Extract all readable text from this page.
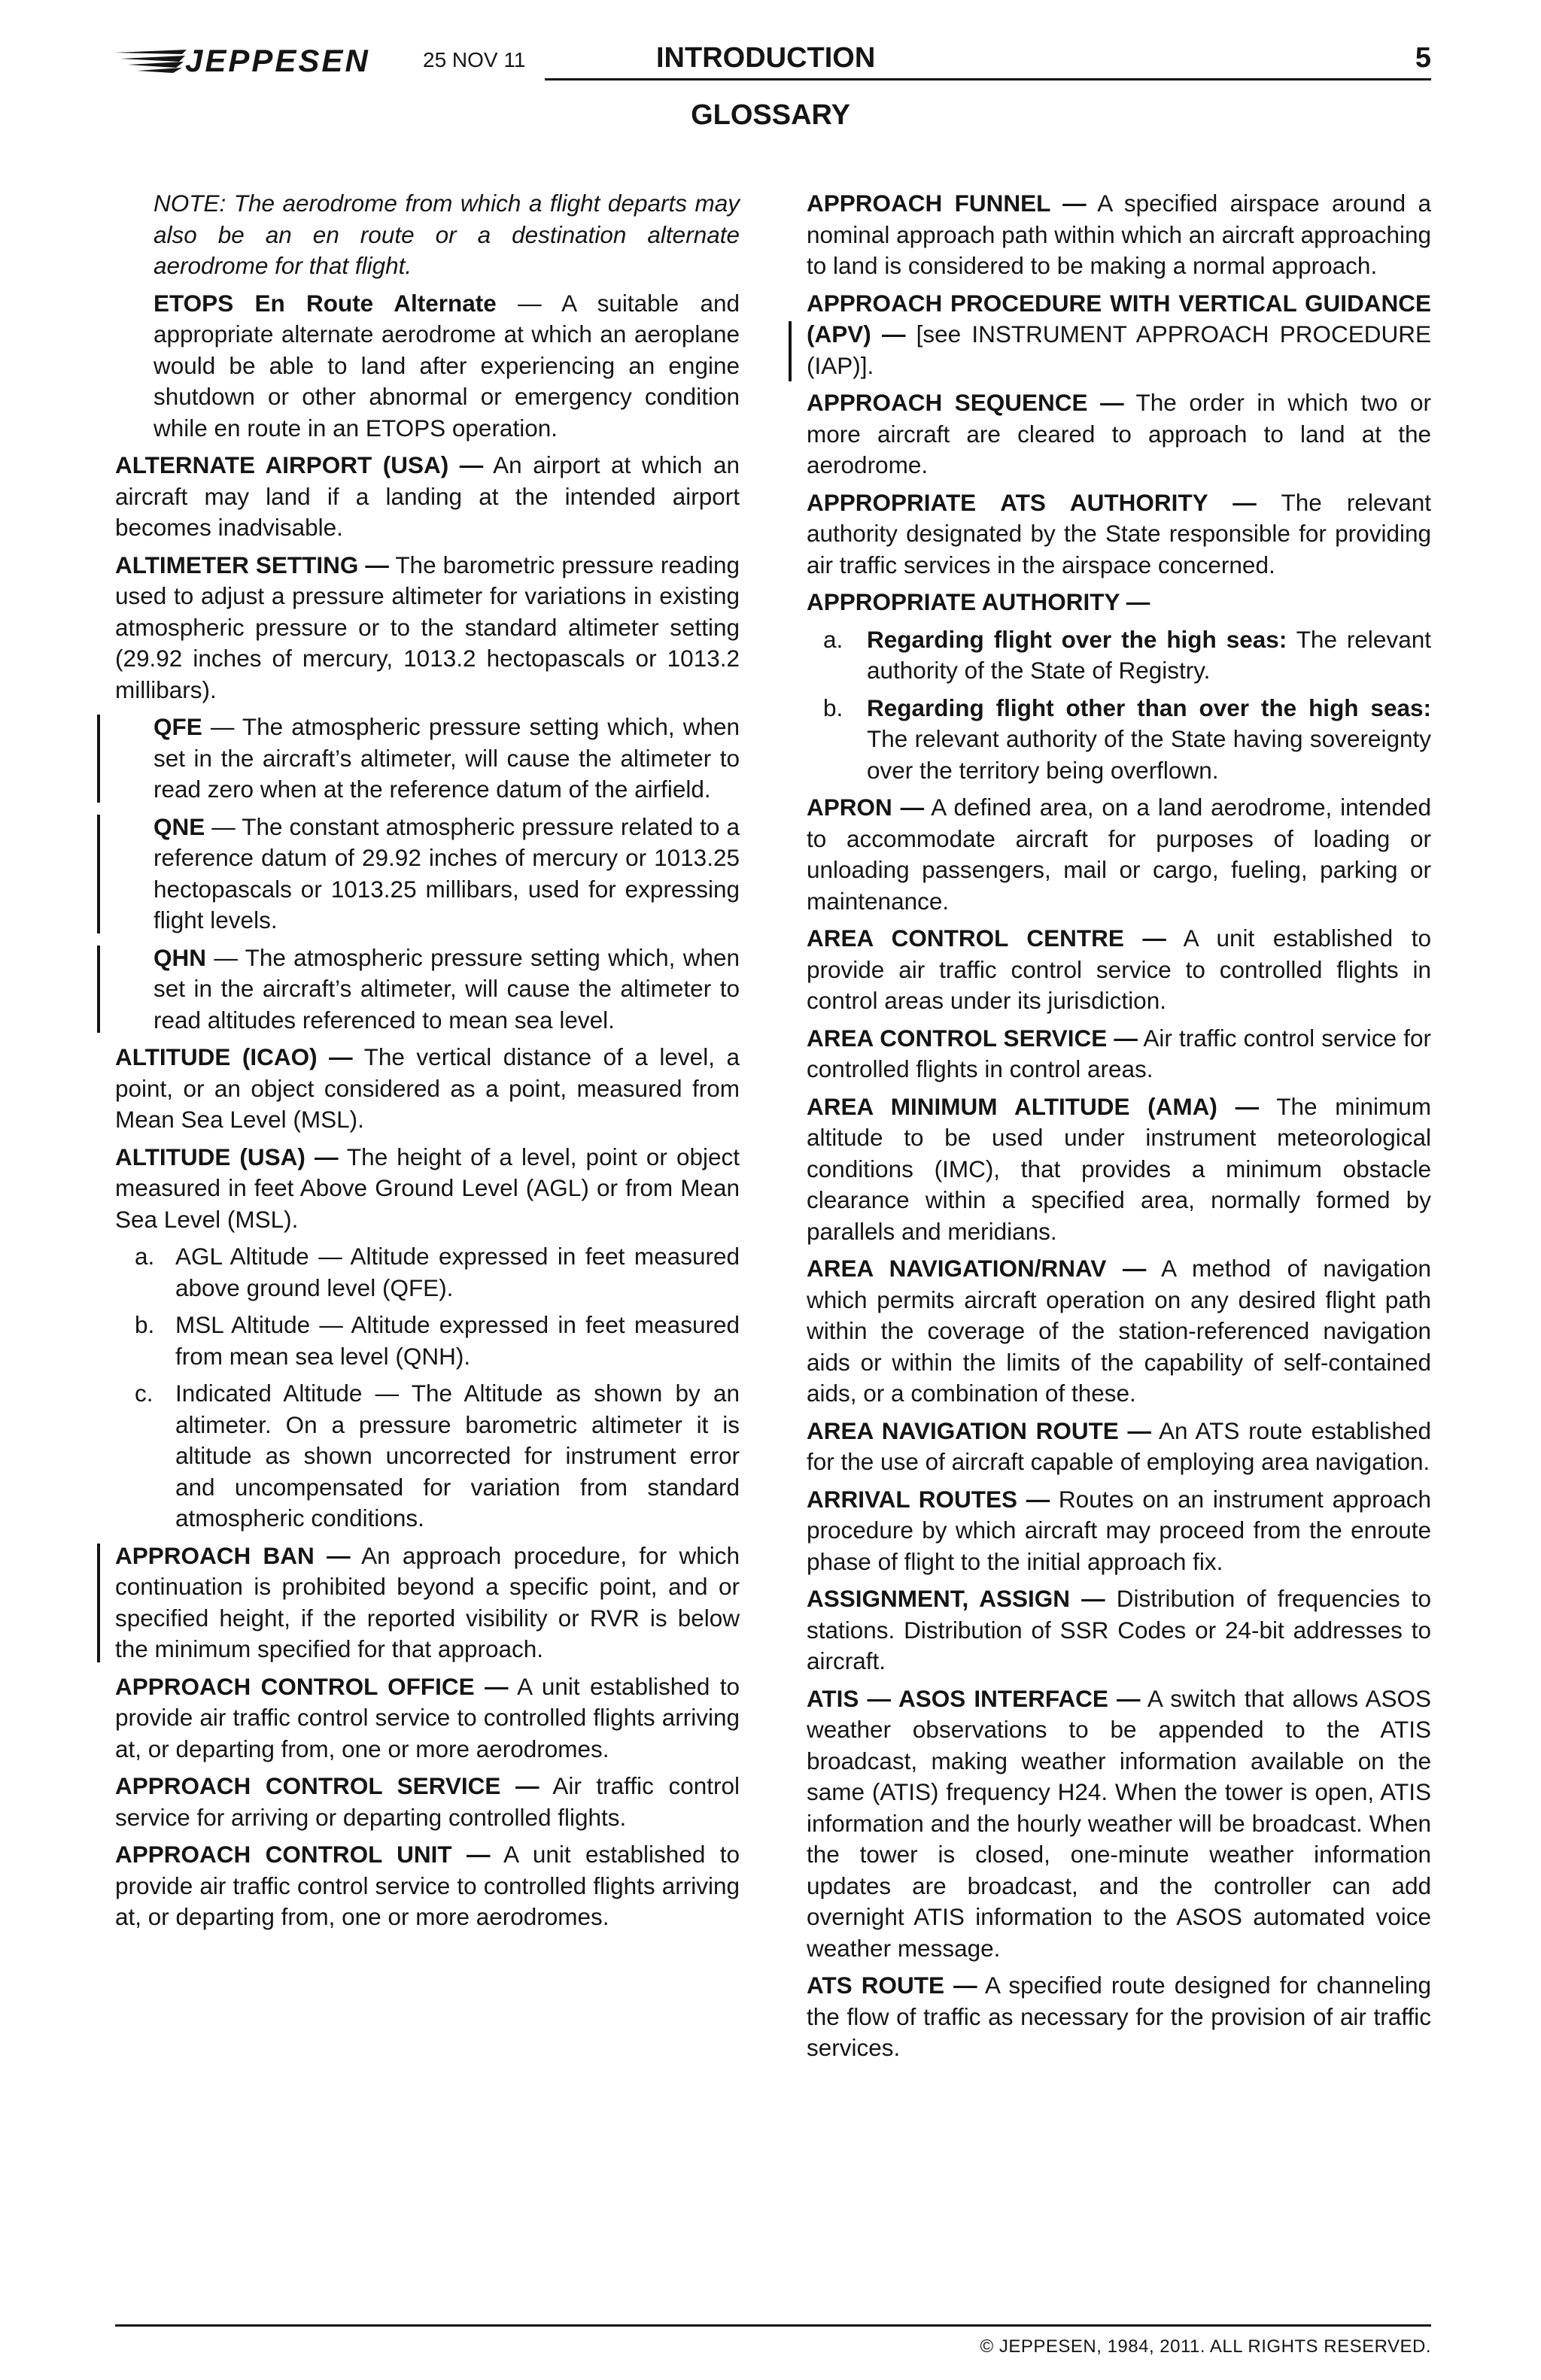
JEPPESEN	25 NOV 11	INTRODUCTION	5
GLOSSARY

NOTE: The aerodrome from which a flight departs may also be an en route or a destination alternate aerodrome for that flight.

ETOPS En Route Alternate — A suitable and appropriate alternate aerodrome at which an aeroplane would be able to land after experiencing an engine shutdown or other abnormal or emergency condition while en route in an ETOPS operation.

ALTERNATE AIRPORT (USA) — An airport at which an aircraft may land if a landing at the intended airport becomes inadvisable.

ALTIMETER SETTING — The barometric pressure reading used to adjust a pressure altimeter for variations in existing atmospheric pressure or to the standard altimeter setting (29.92 inches of mercury, 1013.2 hectopascals or 1013.2 millibars).

QFE — The atmospheric pressure setting which, when set in the aircraft’s altimeter, will cause the altimeter to read zero when at the reference datum of the airfield.

QNE — The constant atmospheric pressure related to a reference datum of 29.92 inches of mercury or 1013.25 hectopascals or 1013.25 millibars, used for expressing flight levels.

QHN — The atmospheric pressure setting which, when set in the aircraft’s altimeter, will cause the altimeter to read altitudes referenced to mean sea level.

ALTITUDE (ICAO) — The vertical distance of a level, a point, or an object considered as a point, measured from Mean Sea Level (MSL).

ALTITUDE (USA) — The height of a level, point or object measured in feet Above Ground Level (AGL) or from Mean Sea Level (MSL).

a. AGL Altitude — Altitude expressed in feet measured above ground level (QFE).

b. MSL Altitude — Altitude expressed in feet measured from mean sea level (QNH).

c. Indicated Altitude — The Altitude as shown by an altimeter. On a pressure barometric altimeter it is altitude as shown uncorrected for instrument error and uncompensated for variation from standard atmospheric conditions.

APPROACH BAN — An approach procedure, for which continuation is prohibited beyond a specific point, and or specified height, if the reported visibility or RVR is below the minimum specified for that approach.

APPROACH CONTROL OFFICE — A unit established to provide air traffic control service to controlled flights arriving at, or departing from, one or more aerodromes.

APPROACH CONTROL SERVICE — Air traffic control service for arriving or departing controlled flights.

APPROACH CONTROL UNIT — A unit established to provide air traffic control service to controlled flights arriving at, or departing from, one or more aerodromes.

APPROACH FUNNEL — A specified airspace around a nominal approach path within which an aircraft approaching to land is considered to be making a normal approach.

APPROACH PROCEDURE WITH VERTICAL GUIDANCE (APV) — [see INSTRUMENT APPROACH PROCEDURE (IAP)].

APPROACH SEQUENCE — The order in which two or more aircraft are cleared to approach to land at the aerodrome.

APPROPRIATE ATS AUTHORITY — The relevant authority designated by the State responsible for providing air traffic services in the airspace concerned.

APPROPRIATE AUTHORITY —

a.	Regarding flight over the high seas: The relevant authority of the State of Registry.

b.	Regarding flight other than over the high seas: The relevant authority of the State having sovereignty over the territory being overflown.

APRON — A defined area, on a land aerodrome, intended to accommodate aircraft for purposes of loading or unloading passengers, mail or cargo, fueling, parking or maintenance.

AREA CONTROL CENTRE — A unit established to provide air traffic control service to controlled flights in control areas under its jurisdiction.

AREA CONTROL SERVICE — Air traffic control service for controlled flights in control areas.

AREA MINIMUM ALTITUDE (AMA) — The minimum altitude to be used under instrument meteorological conditions (IMC), that provides a minimum obstacle clearance within a specified area, normally formed by parallels and meridians.

AREA NAVIGATION/RNAV — A method of navigation which permits aircraft operation on any desired flight path within the coverage of the station-referenced navigation aids or within the limits of the capability of self-contained aids, or a combination of these.

AREA NAVIGATION ROUTE — An ATS route established for the use of aircraft capable of employing area navigation.

ARRIVAL ROUTES — Routes on an instrument approach procedure by which aircraft may proceed from the enroute phase of flight to the initial approach fix.

ASSIGNMENT, ASSIGN — Distribution of frequencies to stations. Distribution of SSR Codes or 24-bit addresses to aircraft.

ATIS — ASOS INTERFACE — A switch that allows ASOS weather observations to be appended to the ATIS broadcast, making weather information available on the same (ATIS) frequency H24. When the tower is open, ATIS information and the hourly weather will be broadcast. When the tower is closed, one-minute weather information updates are broadcast, and the controller can add overnight ATIS information to the ASOS automated voice weather message.

ATS ROUTE — A specified route designed for channeling the flow of traffic as necessary for the provision of air traffic services.

© JEPPESEN, 1984, 2011. ALL RIGHTS RESERVED.
